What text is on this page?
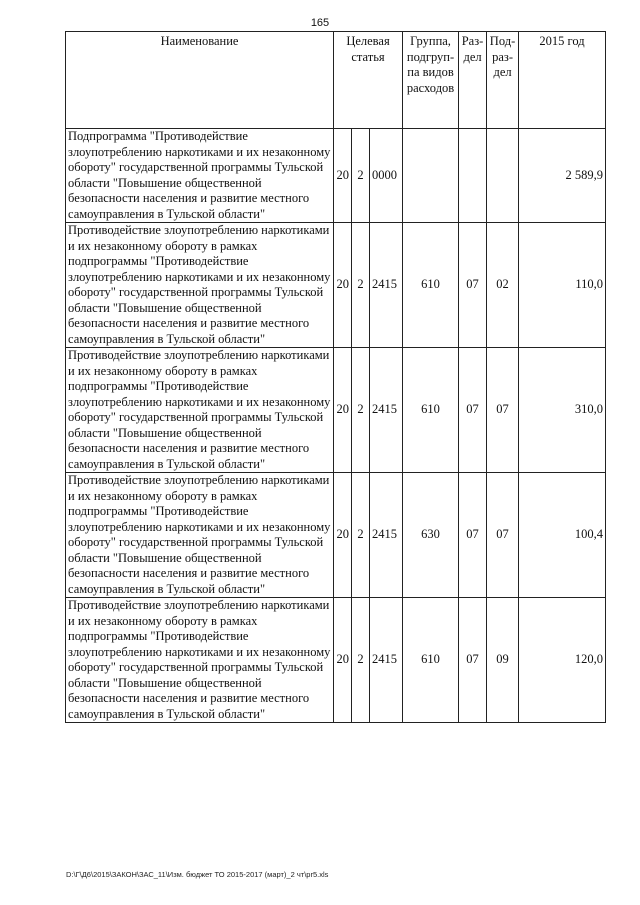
165
Наименование	Целевая статья			Группа, подгруп-па видов расходов	Раз-дел	Под-раз-дел	2015 год
Подпрограмма "Противодействие злоупотреблению наркотиками и их незаконному обороту" государственной программы Тульской области "Повышение общественной безопасности населения и развитие местного самоуправления в Тульской области"	20	2	0000				2 589,9
Противодействие злоупотреблению наркотиками и их незаконному обороту в рамках подпрограммы "Противодействие злоупотреблению наркотиками и их незаконному обороту" государственной программы Тульской области "Повышение общественной безопасности населения и развитие местного самоуправления в Тульской области"	20	2	2415	610	07	02	110,0
Противодействие злоупотреблению наркотиками и их незаконному обороту в рамках подпрограммы "Противодействие злоупотреблению наркотиками и их незаконному обороту" государственной программы Тульской области "Повышение общественной безопасности населения и развитие местного самоуправления в Тульской области"	20	2	2415	610	07	07	310,0
Противодействие злоупотреблению наркотиками и их незаконному обороту в рамках подпрограммы "Противодействие злоупотреблению наркотиками и их незаконному обороту" государственной программы Тульской области "Повышение общественной безопасности населения и развитие местного самоуправления в Тульской области"	20	2	2415	630	07	07	100,4
Противодействие злоупотреблению наркотиками и их незаконному обороту в рамках подпрограммы "Противодействие злоупотреблению наркотиками и их незаконному обороту" государственной программы Тульской области "Повышение общественной безопасности населения и развитие местного самоуправления в Тульской области"	20	2	2415	610	07	09	120,0
D:\Г\Д6\2015\ЗАКОН\ЗАС_11\Изм. бюджет ТО 2015-2017 (март)_2 чт\pr5.xls
